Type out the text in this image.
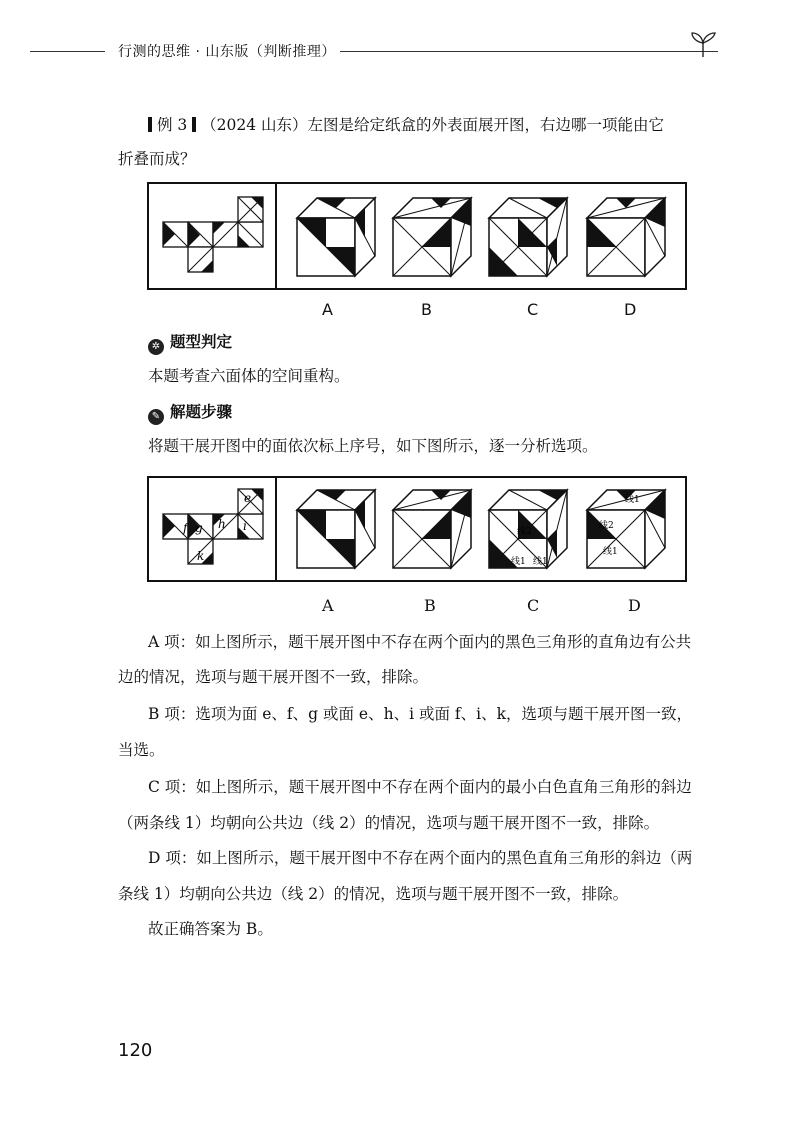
行测的思维 · 山东版（判断推理）
例 3 （2024 山东）左图是给定纸盒的外表面展开图，右边哪一项能由它
折叠而成？
A	B	C	D
✲ 题型判定
本题考查六面体的空间重构。
✎ 解题步骤
将题干展开图中的面依次标上序号，如下图所示，逐一分析选项。
e
f g h i
k
线2
线1 线1
线1
线2
线1
A	B	C	D
A 项：如上图所示，题干展开图中不存在两个面内的黑色三角形的直角边有公共
边的情况，选项与题干展开图不一致，排除。
B 项：选项为面 e、f、g 或面 e、h、i 或面 f、i、k，选项与题干展开图一致，
当选。
C 项：如上图所示，题干展开图中不存在两个面内的最小白色直角三角形的斜边
（两条线 1）均朝向公共边（线 2）的情况，选项与题干展开图不一致，排除。
D 项：如上图所示，题干展开图中不存在两个面内的黑色直角三角形的斜边（两
条线 1）均朝向公共边（线 2）的情况，选项与题干展开图不一致，排除。
故正确答案为 B。
120
